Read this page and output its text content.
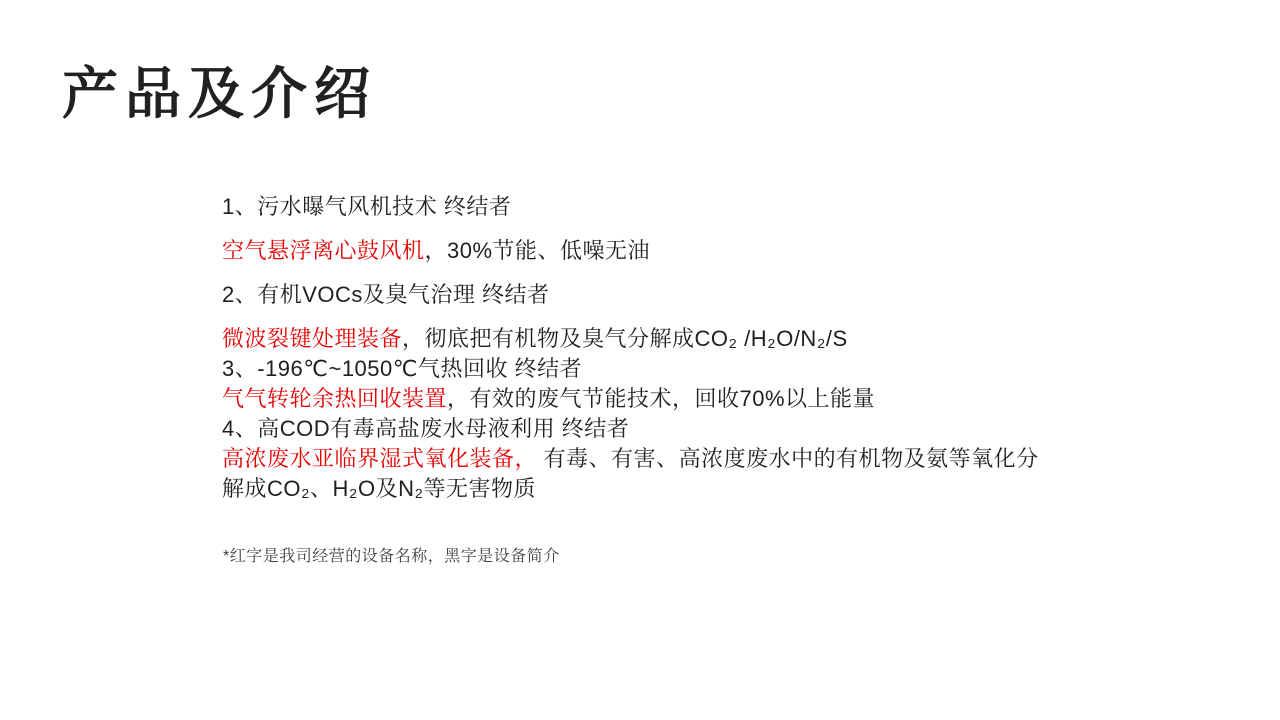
产品及介绍

1、污水曝气风机技术 终结者

空气悬浮离心鼓风机，30%节能、低噪无油

2、有机VOCs及臭气治理 终结者

微波裂键处理装备，彻底把有机物及臭气分解成CO₂ /H₂O/N₂/S

3、-196℃~1050℃气热回收 终结者

气气转轮余热回收装置，有效的废气节能技术，回收70%以上能量

4、高COD有毒高盐废水母液利用 终结者

高浓废水亚临界湿式氧化装备， 有毒、有害、高浓度废水中的有机物及氨等氧化分

解成CO₂、H₂O及N₂等无害物质

*红字是我司经营的设备名称，黑字是设备简介
